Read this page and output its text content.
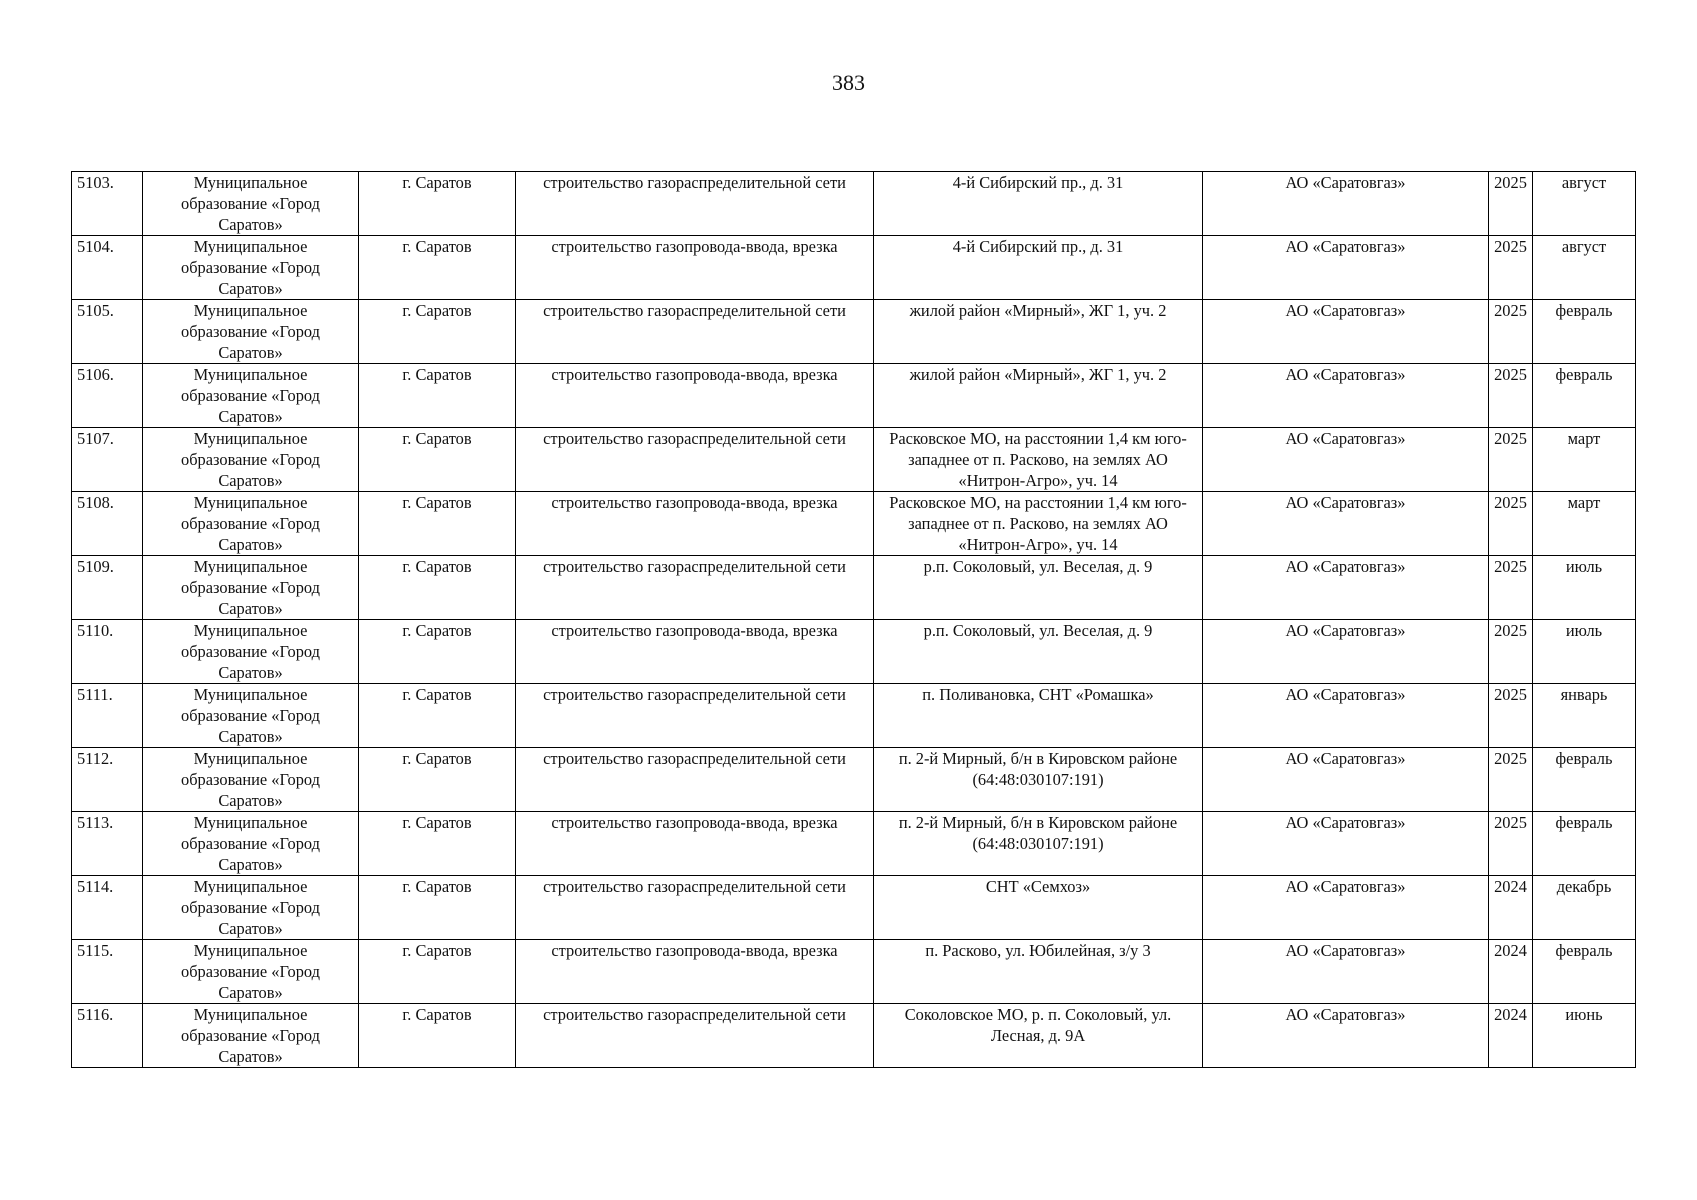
383
5103.	Муниципальное образование «Город Саратов»	г. Саратов	строительство газораспределительной сети	4-й Сибирский пр., д. 31	АО «Саратовгаз»	2025	август
5104.	Муниципальное образование «Город Саратов»	г. Саратов	строительство газопровода-ввода, врезка	4-й Сибирский пр., д. 31	АО «Саратовгаз»	2025	август
5105.	Муниципальное образование «Город Саратов»	г. Саратов	строительство газораспределительной сети	жилой район «Мирный», ЖГ 1, уч. 2	АО «Саратовгаз»	2025	февраль
5106.	Муниципальное образование «Город Саратов»	г. Саратов	строительство газопровода-ввода, врезка	жилой район «Мирный», ЖГ 1, уч. 2	АО «Саратовгаз»	2025	февраль
5107.	Муниципальное образование «Город Саратов»	г. Саратов	строительство газораспределительной сети	Расковское МО, на расстоянии 1,4 км юго-западнее от п. Расково, на землях АО «Нитрон-Агро», уч. 14	АО «Саратовгаз»	2025	март
5108.	Муниципальное образование «Город Саратов»	г. Саратов	строительство газопровода-ввода, врезка	Расковское МО, на расстоянии 1,4 км юго-западнее от п. Расково, на землях АО «Нитрон-Агро», уч. 14	АО «Саратовгаз»	2025	март
5109.	Муниципальное образование «Город Саратов»	г. Саратов	строительство газораспределительной сети	р.п. Соколовый, ул. Веселая, д. 9	АО «Саратовгаз»	2025	июль
5110.	Муниципальное образование «Город Саратов»	г. Саратов	строительство газопровода-ввода, врезка	р.п. Соколовый, ул. Веселая, д. 9	АО «Саратовгаз»	2025	июль
5111.	Муниципальное образование «Город Саратов»	г. Саратов	строительство газораспределительной сети	п. Поливановка, СНТ «Ромашка»	АО «Саратовгаз»	2025	январь
5112.	Муниципальное образование «Город Саратов»	г. Саратов	строительство газораспределительной сети	п. 2-й Мирный, б/н в Кировском районе (64:48:030107:191)	АО «Саратовгаз»	2025	февраль
5113.	Муниципальное образование «Город Саратов»	г. Саратов	строительство газопровода-ввода, врезка	п. 2-й Мирный, б/н в Кировском районе (64:48:030107:191)	АО «Саратовгаз»	2025	февраль
5114.	Муниципальное образование «Город Саратов»	г. Саратов	строительство газораспределительной сети	СНТ «Семхоз»	АО «Саратовгаз»	2024	декабрь
5115.	Муниципальное образование «Город Саратов»	г. Саратов	строительство газопровода-ввода, врезка	п. Расково, ул. Юбилейная, з/у 3	АО «Саратовгаз»	2024	февраль
5116.	Муниципальное образование «Город Саратов»	г. Саратов	строительство газораспределительной сети	Соколовское МО, р. п. Соколовый, ул. Лесная, д. 9А	АО «Саратовгаз»	2024	июнь
